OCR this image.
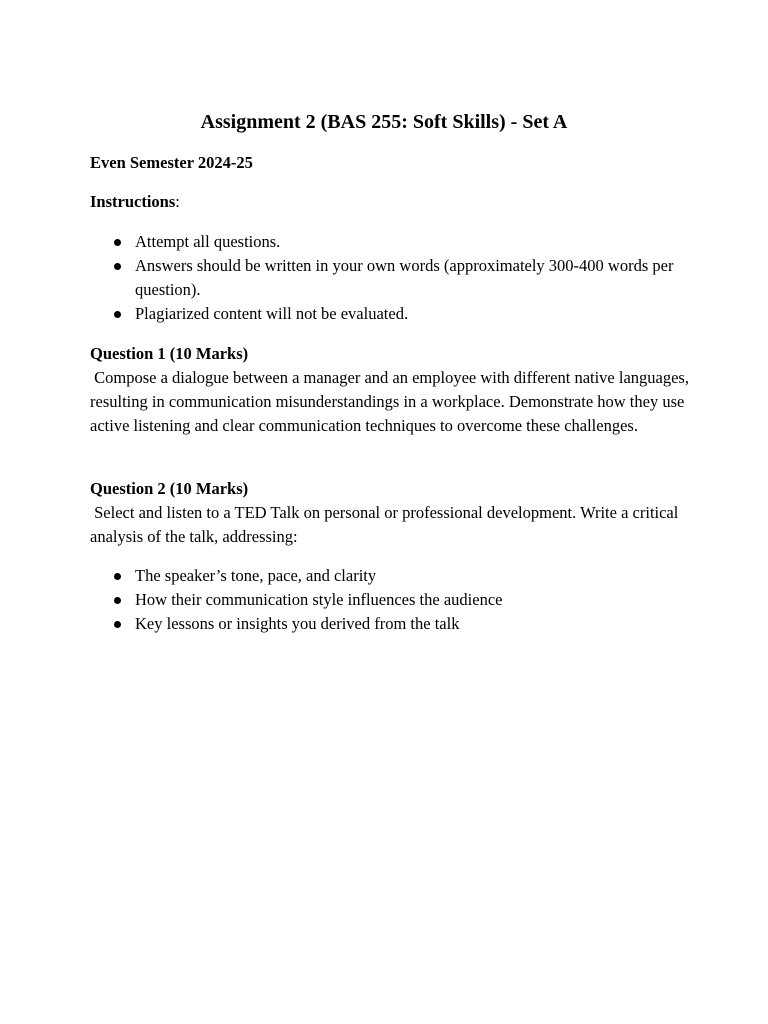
Assignment 2 (BAS 255: Soft Skills) - Set A

Even Semester 2024-25

Instructions:

Attempt all questions.
Answers should be written in your own words (approximately 300-400 words per question).
Plagiarized content will not be evaluated.

Question 1 (10 Marks)

Compose a dialogue between a manager and an employee with different native languages, resulting in communication misunderstandings in a workplace. Demonstrate how they use active listening and clear communication techniques to overcome these challenges.

Question 2 (10 Marks)

Select and listen to a TED Talk on personal or professional development. Write a critical analysis of the talk, addressing:

The speaker’s tone, pace, and clarity
How their communication style influences the audience
Key lessons or insights you derived from the talk
